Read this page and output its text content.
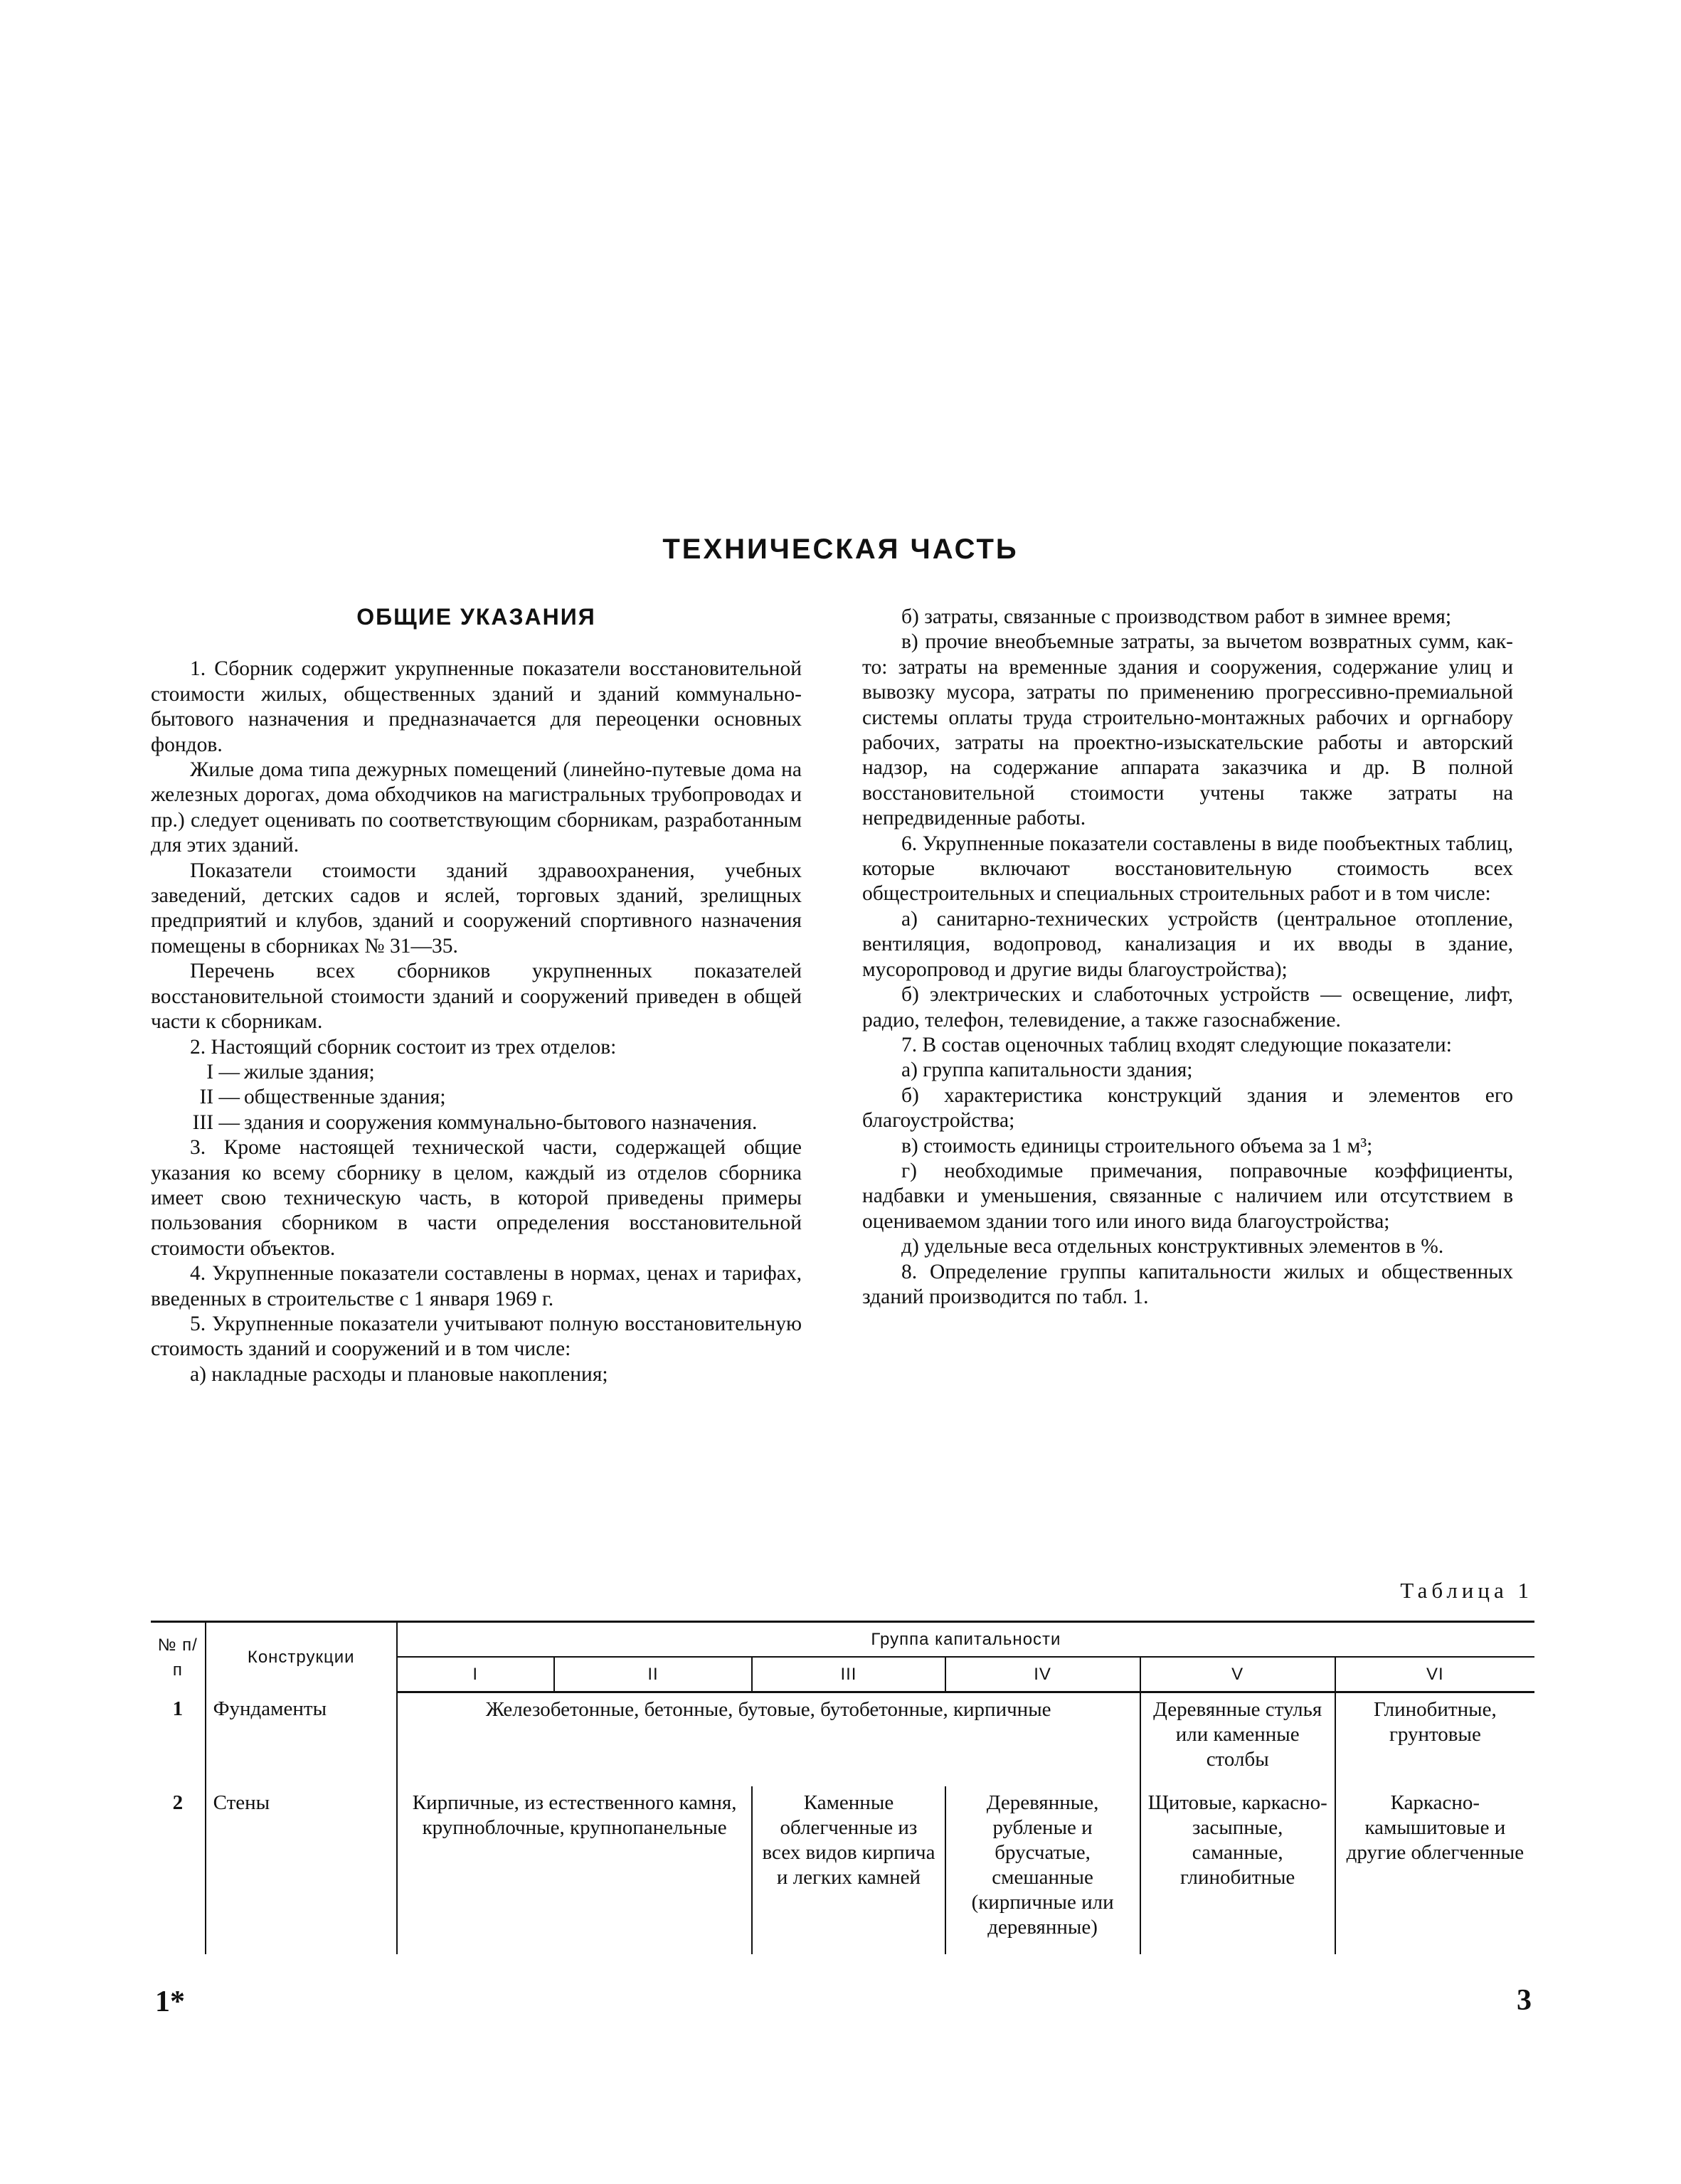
ТЕХНИЧЕСКАЯ ЧАСТЬ
ОБЩИЕ УКАЗАНИЯ

1. Сборник содержит укрупненные показатели восстановительной стоимости жилых, общественных зданий и зданий коммунально-бытового назначения и предназначается для переоценки основных фондов.

Жилые дома типа дежурных помещений (линейно-путевые дома на железных дорогах, дома обходчиков на магистральных трубопроводах и пр.) следует оценивать по соответствующим сборникам, разработанным для этих зданий.

Показатели стоимости зданий здравоохранения, учебных заведений, детских садов и яслей, торговых зданий, зрелищных предприятий и клубов, зданий и сооружений спортивного назначения помещены в сборниках № 31—35.

Перечень всех сборников укрупненных показателей восстановительной стоимости зданий и сооружений приведен в общей части к сборникам.

2. Настоящий сборник состоит из трех отделов:

I — жилые здания;
II — общественные здания;
III — здания и сооружения коммунально-бытового назначения.

3. Кроме настоящей технической части, содержащей общие указания ко всему сборнику в целом, каждый из отделов сборника имеет свою техническую часть, в которой приведены примеры пользования сборником в части определения восстановительной стоимости объектов.

4. Укрупненные показатели составлены в нормах, ценах и тарифах, введенных в строительстве с 1 января 1969 г.

5. Укрупненные показатели учитывают полную восстановительную стоимость зданий и сооружений и в том числе:

а) накладные расходы и плановые накопления;

б) затраты, связанные с производством работ в зимнее время;

в) прочие внеобъемные затраты, за вычетом возвратных сумм, как-то: затраты на временные здания и сооружения, содержание улиц и вывозку мусора, затраты по применению прогрессивно-премиальной системы оплаты труда строительно-монтажных рабочих и оргнабору рабочих, затраты на проектно-изыскательские работы и авторский надзор, на содержание аппарата заказчика и др. В полной восстановительной стоимости учтены также затраты на непредвиденные работы.

6. Укрупненные показатели составлены в виде пообъектных таблиц, которые включают восстановительную стоимость всех общестроительных и специальных строительных работ и в том числе:

а) санитарно-технических устройств (центральное отопление, вентиляция, водопровод, канализация и их вводы в здание, мусоропровод и другие виды благоустройства);

б) электрических и слаботочных устройств — освещение, лифт, радио, телефон, телевидение, а также газоснабжение.

7. В состав оценочных таблиц входят следующие показатели:

а) группа капитальности здания;

б) характеристика конструкций здания и элементов его благоустройства;

в) стоимость единицы строительного объема за 1 м³;

г) необходимые примечания, поправочные коэффициенты, надбавки и уменьшения, связанные с наличием или отсутствием в оцениваемом здании того или иного вида благоустройства;

д) удельные веса отдельных конструктивных элементов в %.

8. Определение группы капитальности жилых и общественных зданий производится по табл. 1.

Таблица 1
№ п/п	Конструкции	Группа капитальности					
		I	II	III	IV	V	VI
1	Фундаменты	Железобетонные, бетонные, бутовые, бутобетонные, кирпичные				Деревянные стулья или каменные столбы	Глинобитные, грунтовые
2	Стены	Кирпичные, из естественного камня, крупноблочные, крупнопанельные		Каменные облегченные из всех видов кирпича и легких камней	Деревянные, рубленые и брусчатые, смешанные (кирпичные или деревянные)	Щитовые, каркасно-засыпные, саманные, глинобитные	Каркасно-камышитовые и другие облегченные
1*	3
